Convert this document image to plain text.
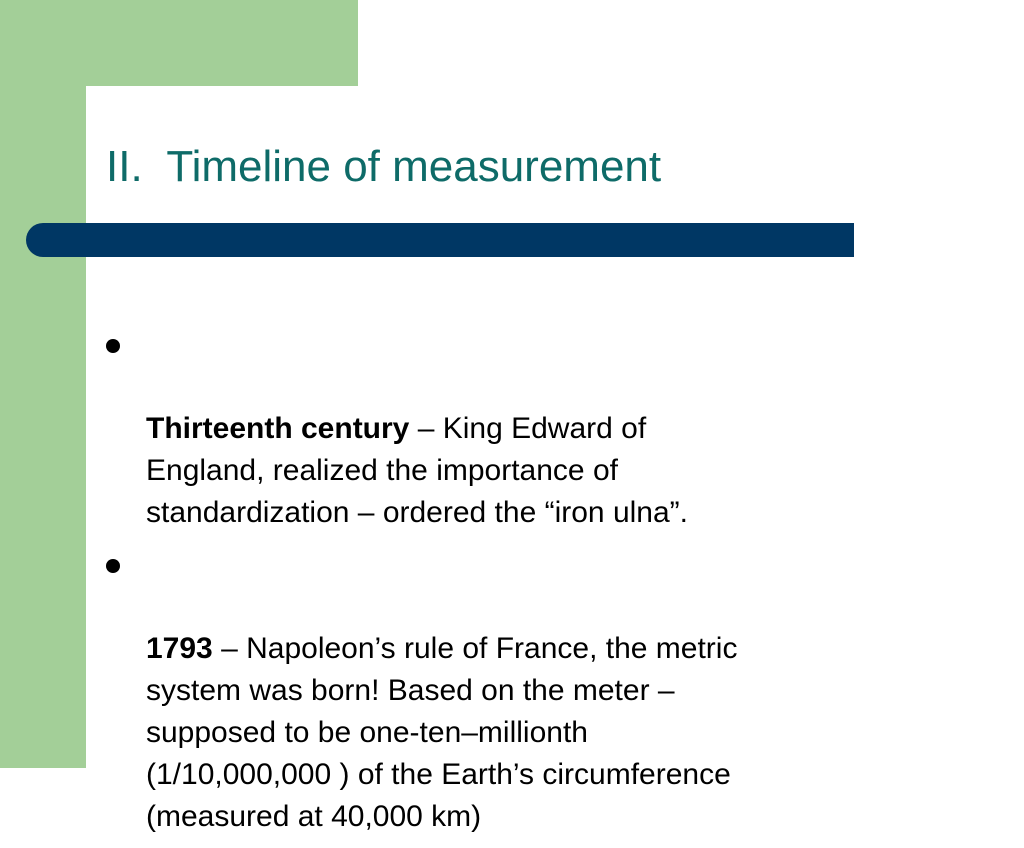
II.  Timeline of measurement

Thirteenth century – King Edward of
England, realized the importance of
standardization – ordered the “iron ulna”.

1793 – Napoleon’s rule of France, the metric
system was born! Based on the meter –
supposed to be one-ten–millionth
(1/10,000,000 ) of the Earth’s circumference
(measured at 40,000 km)
